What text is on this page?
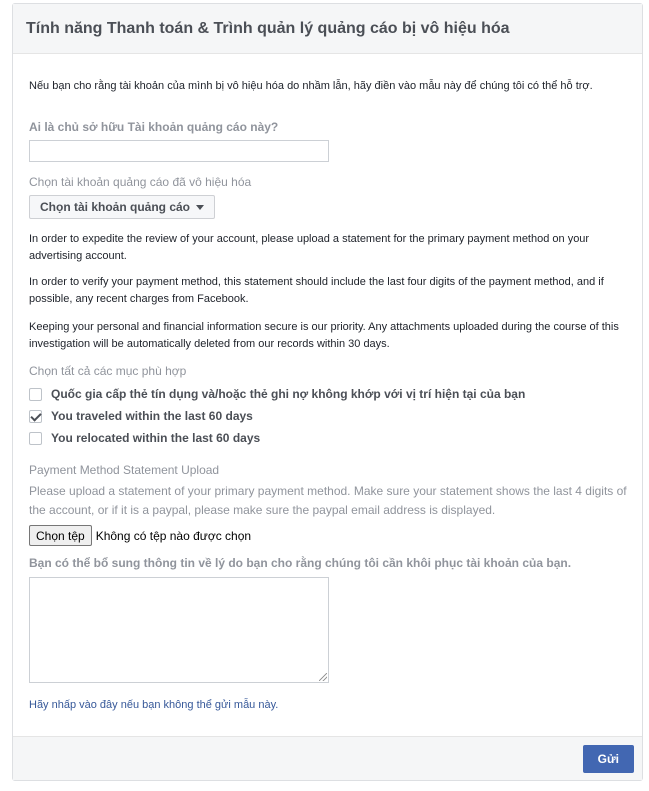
Tính năng Thanh toán & Trình quản lý quảng cáo bị vô hiệu hóa
Nếu bạn cho rằng tài khoản của mình bị vô hiệu hóa do nhầm lẫn, hãy điền vào mẫu này để chúng tôi có thể hỗ trợ.
Ai là chủ sở hữu Tài khoản quảng cáo này?
Chọn tài khoản quảng cáo đã vô hiệu hóa
Chọn tài khoản quảng cáo
In order to expedite the review of your account, please upload a statement for the primary payment method on your advertising account.
In order to verify your payment method, this statement should include the last four digits of the payment method, and if possible, any recent charges from Facebook.
Keeping your personal and financial information secure is our priority. Any attachments uploaded during the course of this investigation will be automatically deleted from our records within 30 days.
Chọn tất cả các mục phù hợp
Quốc gia cấp thẻ tín dụng và/hoặc thẻ ghi nợ không khớp với vị trí hiện tại của bạn
You traveled within the last 60 days
You relocated within the last 60 days
Payment Method Statement Upload
Please upload a statement of your primary payment method. Make sure your statement shows the last 4 digits of the account, or if it is a paypal, please make sure the paypal email address is displayed.
Chọn tệp Không có tệp nào được chọn
Bạn có thể bổ sung thông tin về lý do bạn cho rằng chúng tôi cần khôi phục tài khoản của bạn.
Hãy nhấp vào đây nếu bạn không thể gửi mẫu này.
Gửi
